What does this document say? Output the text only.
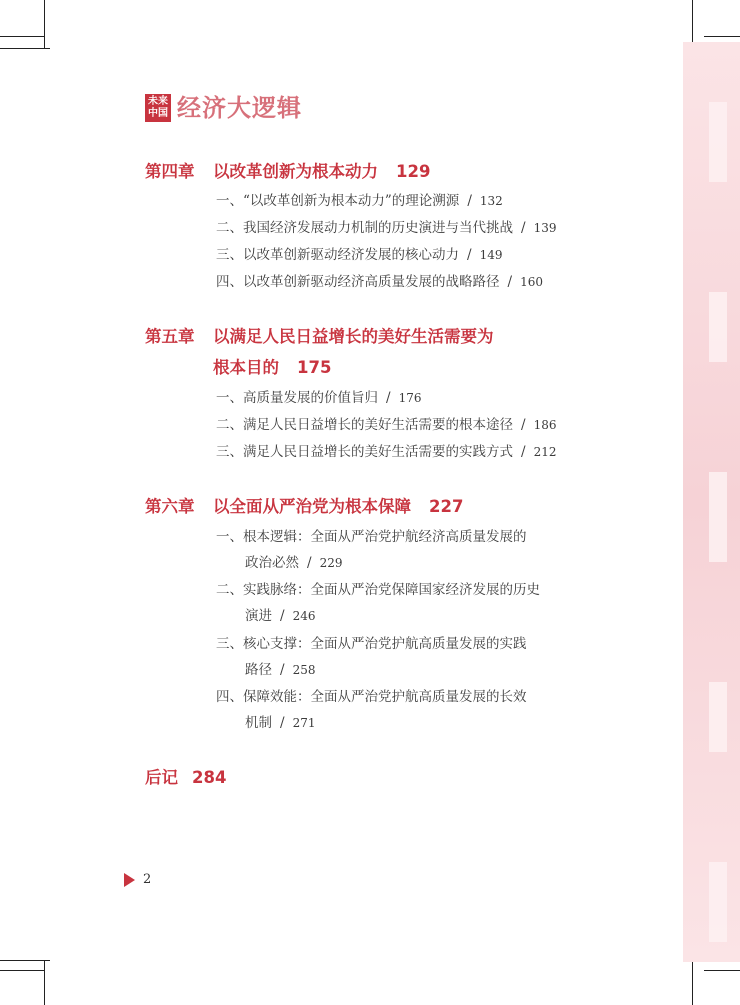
未来
中国 经济大逻辑
第四章 以改革创新为根本动力 129
一、“以改革创新为根本动力”的理论溯源 / 132
二、我国经济发展动力机制的历史演进与当代挑战 / 139
三、以改革创新驱动经济发展的核心动力 / 149
四、以改革创新驱动经济高质量发展的战略路径 / 160
第五章 以满足人民日益增长的美好生活需要为
根本目的 175
一、高质量发展的价值旨归 / 176
二、满足人民日益增长的美好生活需要的根本途径 / 186
三、满足人民日益增长的美好生活需要的实践方式 / 212
第六章 以全面从严治党为根本保障 227
一、根本逻辑：全面从严治党护航经济高质量发展的
政治必然 / 229
二、实践脉络：全面从严治党保障国家经济发展的历史
演进 / 246
三、核心支撑：全面从严治党护航高质量发展的实践
路径 / 258
四、保障效能：全面从严治党护航高质量发展的长效
机制 / 271
后记 284
2
